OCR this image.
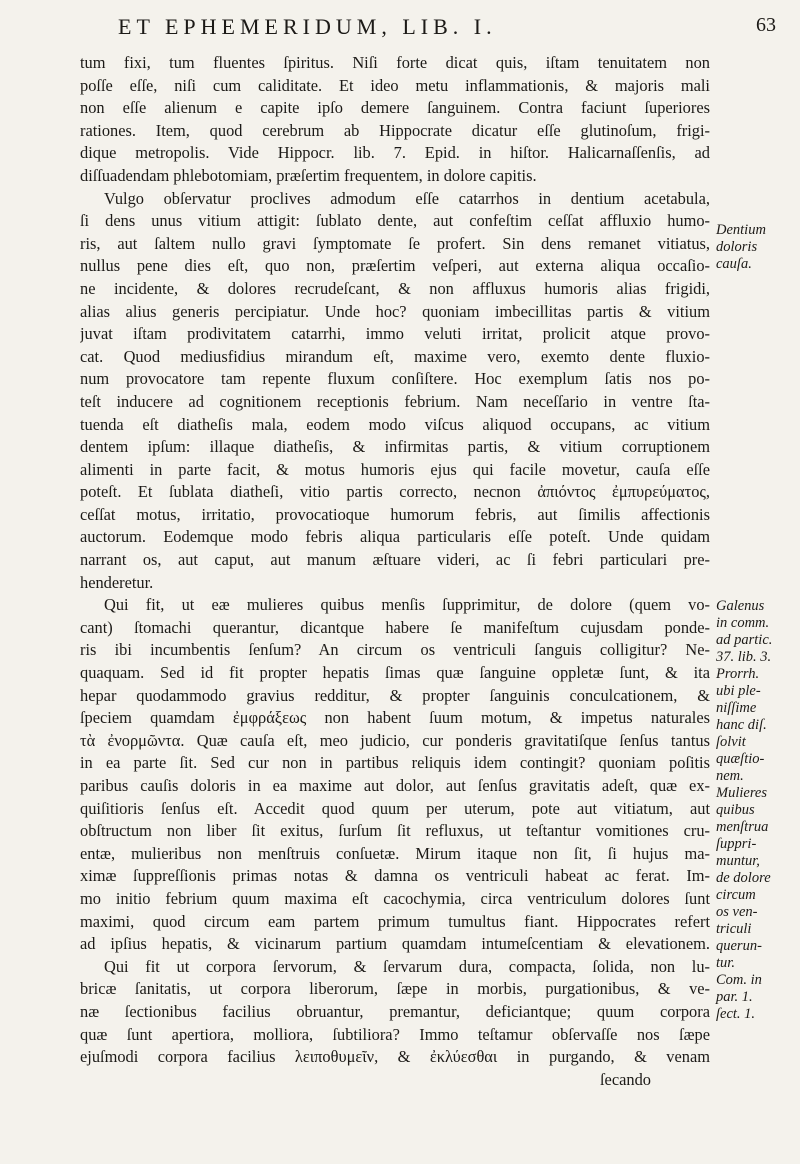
ET EPHEMERIDUM, LIB. I.	63
tum fixi, tum fluentes ſpiritus. Niſi forte dicat quis, iſtam tenuitatem non
poſſe eſſe, niſi cum caliditate. Et ideo metu inflammationis, & majoris mali
non eſſe alienum e capite ipſo demere ſanguinem. Contra faciunt ſuperiores
rationes. Item, quod cerebrum ab Hippocrate dicatur eſſe glutinoſum, frigi-
dique metropolis. Vide Hippocr. lib. 7. Epid. in hiſtor. Halicarnaſſenſis, ad
diſſuadendam phlebotomiam, præſertim frequentem, in dolore capitis.
Vulgo obſervatur proclives admodum eſſe catarrhos in dentium acetabula,
ſi dens unus vitium attigit: ſublato dente, aut confeſtim ceſſat affluxio humo-
ris, aut ſaltem nullo gravi ſymptomate ſe profert. Sin dens remanet vitiatus,
nullus pene dies eſt, quo non, præſertim veſperi, aut externa aliqua occaſio-
ne incidente, & dolores recrudeſcant, & non affluxus humoris alias frigidi,
alias alius generis percipiatur. Unde hoc? quoniam imbecillitas partis & vitium
juvat iſtam prodivitatem catarrhi, immo veluti irritat, prolicit atque provo-
cat. Quod mediusfidius mirandum eſt, maxime vero, exemto dente fluxio-
num provocatore tam repente fluxum conſiſtere. Hoc exemplum ſatis nos po-
teſt inducere ad cognitionem receptionis febrium. Nam neceſſario in ventre ſta-
tuenda eſt diatheſis mala, eodem modo viſcus aliquod occupans, ac vitium
dentem ipſum: illaque diatheſis, & infirmitas partis, & vitium corruptionem
alimenti in parte facit, & motus humoris ejus qui facile movetur, cauſa eſſe
poteſt. Et ſublata diatheſi, vitio partis correcto, necnon ἀπιόντος ἐμπυρεύματος,
ceſſat motus, irritatio, provocatioque humorum febris, aut ſimilis affectionis
auctorum. Eodemque modo febris aliqua particularis eſſe poteſt. Unde quidam
narrant os, aut caput, aut manum æſtuare videri, ac ſi febri particulari pre-
henderetur.
Qui fit, ut eæ mulieres quibus menſis ſupprimitur, de dolore (quem vo-
cant) ſtomachi querantur, dicantque habere ſe manifeſtum cujusdam ponde-
ris ibi incumbentis ſenſum? An circum os ventriculi ſanguis colligitur? Ne-
quaquam. Sed id fit propter hepatis ſimas quæ ſanguine oppletæ ſunt, & ita
hepar quodammodo gravius redditur, & propter ſanguinis conculcationem, &
ſpeciem quamdam ἐμφράξεως non habent ſuum motum, & impetus naturales
τὰ ἐνορμῶντα. Quæ cauſa eſt, meo judicio, cur ponderis gravitatiſque ſenſus tantus
in ea parte ſit. Sed cur non in partibus reliquis idem contingit? quoniam poſitis
paribus cauſis doloris in ea maxime aut dolor, aut ſenſus gravitatis adeſt, quæ ex-
quiſitioris ſenſus eſt. Accedit quod quum per uterum, pote aut vitiatum, aut
obſtructum non liber ſit exitus, ſurſum ſit refluxus, ut teſtantur vomitiones cru-
entæ, mulieribus non menſtruis conſuetæ. Mirum itaque non ſit, ſi hujus ma-
ximæ ſuppreſſionis primas notas & damna os ventriculi habeat ac ferat. Im-
mo initio febrium quum maxima eſt cacochymia, circa ventriculum dolores ſunt
maximi, quod circum eam partem primum tumultus fiant. Hippocrates refert
ad ipſius hepatis, & vicinarum partium quamdam intumeſcentiam & elevationem.
Qui fit ut corpora ſervorum, & ſervarum dura, compacta, ſolida, non lu-
bricæ ſanitatis, ut corpora liberorum, ſæpe in morbis, purgationibus, & ve-
næ ſectionibus facilius obruantur, premantur, deficiantque; quum corpora
quæ ſunt apertiora, molliora, ſubtiliora? Immo teſtamur obſervaſſe nos ſæpe
ejuſmodi corpora facilius λειποθυμεῖν, & ἐκλύεσθαι in purgando, & venam
ſecando
Dentium
doloris
cauſa.
Galenus
in comm.
ad partic.
37. lib. 3.
Prorrh.
ubi ple-
niſſime
hanc diſ.
ſolvit
quæſtio-
nem.
Mulieres
quibus
menſtrua
ſuppri-
muntur,
de dolore
circum
os ven-
triculi
querun-
tur.
Com. in
par. 1.
ſect. 1.
